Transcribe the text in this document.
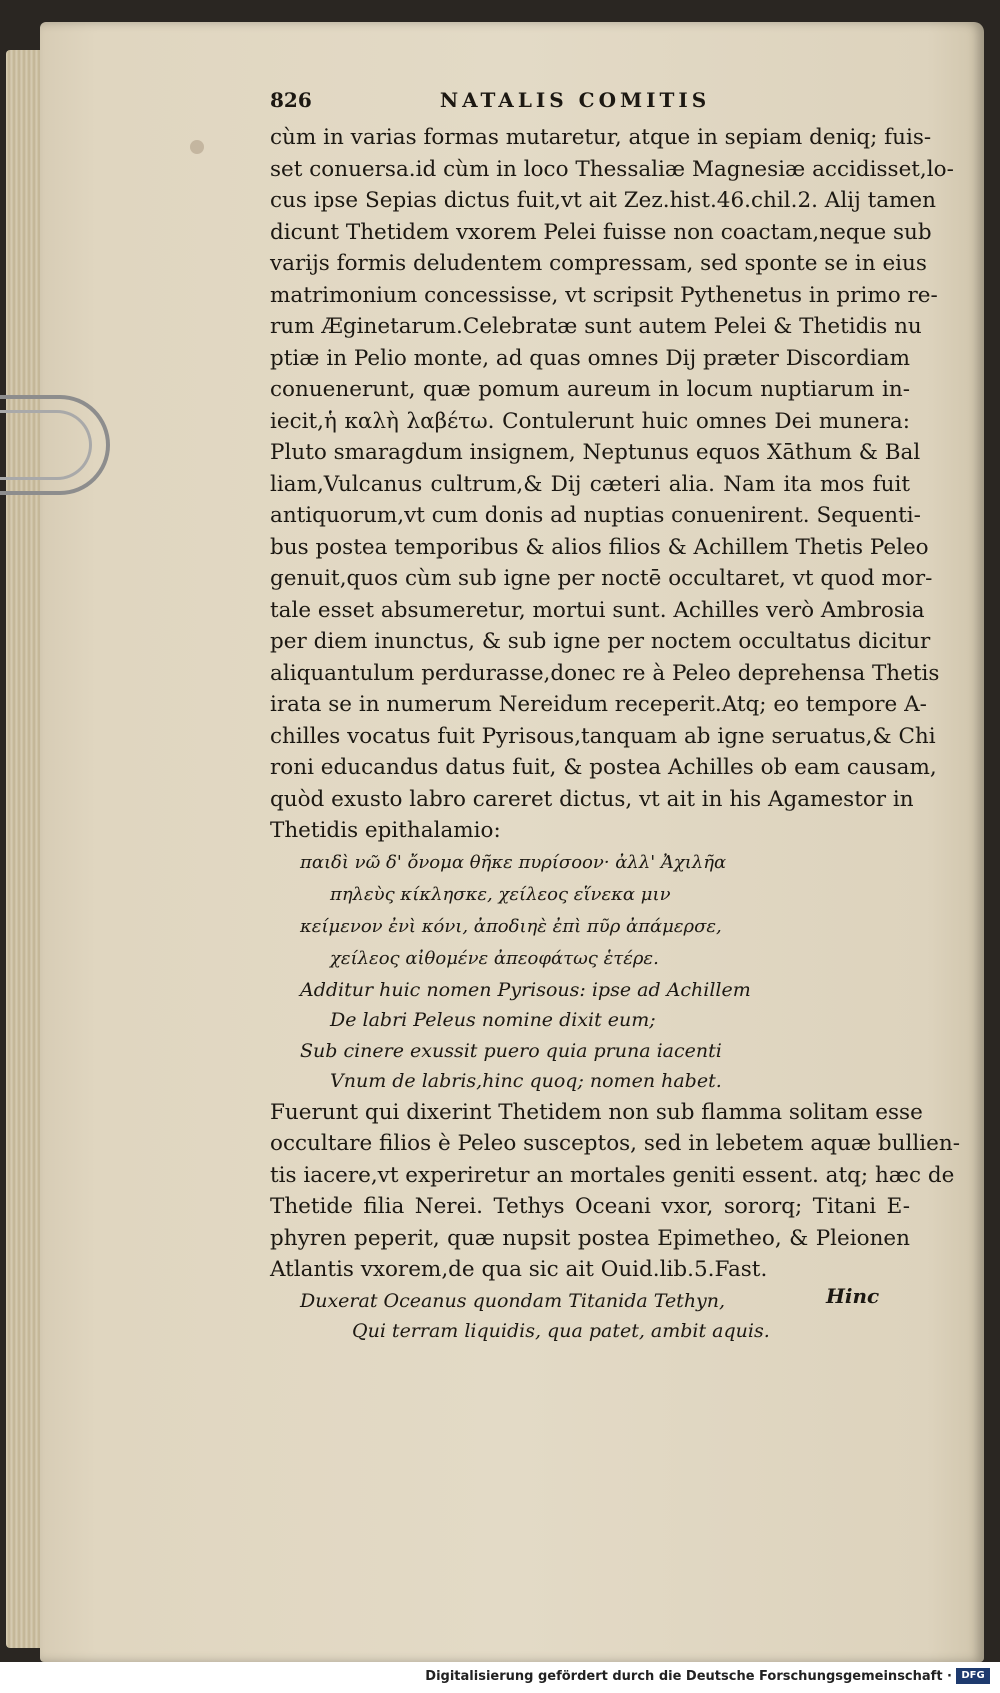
826	NATALIS COMITIS
cùm in varias formas mutaretur, atque in sepiam deniq; fuis-
set conuersa.id cùm in loco Thessaliæ Magnesiæ accidisset,lo-
cus ipse Sepias dictus fuit,vt ait Zez.hist.46.chil.2. Alij tamen
dicunt Thetidem vxorem Pelei fuisse non coactam,neque sub
varijs formis deludentem compressam, sed sponte se in eius
matrimonium concessisse, vt scripsit Pythenetus in primo re-
rum Æginetarum.Celebratæ sunt autem Pelei & Thetidis nu
ptiæ in Pelio monte, ad quas omnes Dij præter Discordiam
conuenerunt, quæ pomum aureum in locum nuptiarum in-
iecit,ἡ καλὴ λαβέτω. Contulerunt huic omnes Dei munera:
Pluto smaragdum insignem, Neptunus equos Xāthum & Bal
liam,Vulcanus cultrum,& Dij cæteri alia. Nam ita mos fuit
antiquorum,vt cum donis ad nuptias conuenirent. Sequenti-
bus postea temporibus & alios filios & Achillem Thetis Peleo
genuit,quos cùm sub igne per noctē occultaret, vt quod mor-
tale esset absumeretur, mortui sunt. Achilles verò Ambrosia
per diem inunctus, & sub igne per noctem occultatus dicitur
aliquantulum perdurasse,donec re à Peleo deprehensa Thetis
irata se in numerum Nereidum receperit.Atq; eo tempore A-
chilles vocatus fuit Pyrisous,tanquam ab igne seruatus,& Chi
roni educandus datus fuit, & postea Achilles ob eam causam,
quòd exusto labro careret dictus, vt ait in his Agamestor in
Thetidis epithalamio:
παιδὶ νῶ δ' ὄνομα θῆκε πυρίσοον· ἀλλ' Ἀχιλῆα
πηλεὺς κίκλησκε, χείλεος εἵνεκα μιν
κείμενον ἐνὶ κόνι, ἀποδιηὲ ἐπὶ πῦρ ἀπάμερσε,
χείλεος αἰθομένε ἀπεοφάτως ἑτέρε.
Additur huic nomen Pyrisous: ipse ad Achillem
De labri Peleus nomine dixit eum;
Sub cinere exussit puero quia pruna iacenti
Vnum de labris,hinc quoq; nomen habet.
Fuerunt qui dixerint Thetidem non sub flamma solitam esse
occultare filios è Peleo susceptos, sed in lebetem aquæ bullien-
tis iacere,vt experiretur an mortales geniti essent. atq; hæc de
Thetide filia Nerei. Tethys Oceani vxor, sororq; Titani E-
phyren peperit, quæ nupsit postea Epimetheo, & Pleionen
Atlantis vxorem,de qua sic ait Ouid.lib.5.Fast.
Duxerat Oceanus quondam Titanida Tethyn,
Qui terram liquidis, qua patet, ambit aquis.
Hinc
Digitalisierung gefördert durch die Deutsche Forschungsgemeinschaft · DFG
